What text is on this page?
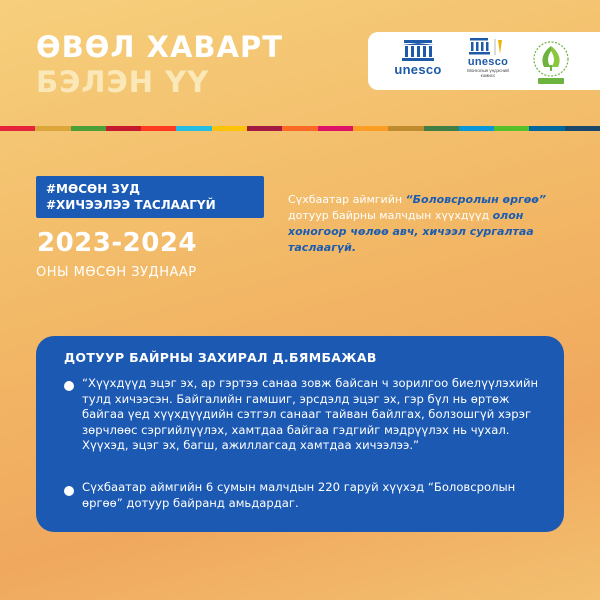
ӨВӨЛ ХАВАРТ
БЭЛЭН ҮҮ	unesco	unesco
Монголын үндэсний комисс
#МӨСӨН ЗУД
#ХИЧЭЭЛЭЭ ТАСЛААГҮЙ
2023-2024
ОНЫ МӨСӨН ЗУДНААР
Сүхбаатар аймгийн “Боловсролын өргөө” дотуур байрны малчдын хүүхдүүд олон хоногоор чөлөө авч, хичээл сургалтаа таслаагүй.
ДОТУУР БАЙРНЫ ЗАХИРАЛ Д.БЯМБАЖАВ
“Хүүхдүүд эцэг эх, ар гэртээ санаа зовж байсан ч зорилгоо биелүүлэхийн тулд хичээсэн. Байгалийн гамшиг, эрсдэлд эцэг эх, гэр бүл нь өртөж байгаа үед хүүхдүүдийн сэтгэл санааг тайван байлгах, болзошгүй хэрэг зөрчлөөс сэргийлүүлэх, хамтдаа байгаа гэдгийг мэдрүүлэх нь чухал. Хүүхэд, эцэг эх, багш, ажиллагсад хамтдаа хичээлээ.”
Сүхбаатар аймгийн 6 сумын малчдын 220 гаруй хүүхэд “Боловсролын өргөө” дотуур байранд амьдардаг.
